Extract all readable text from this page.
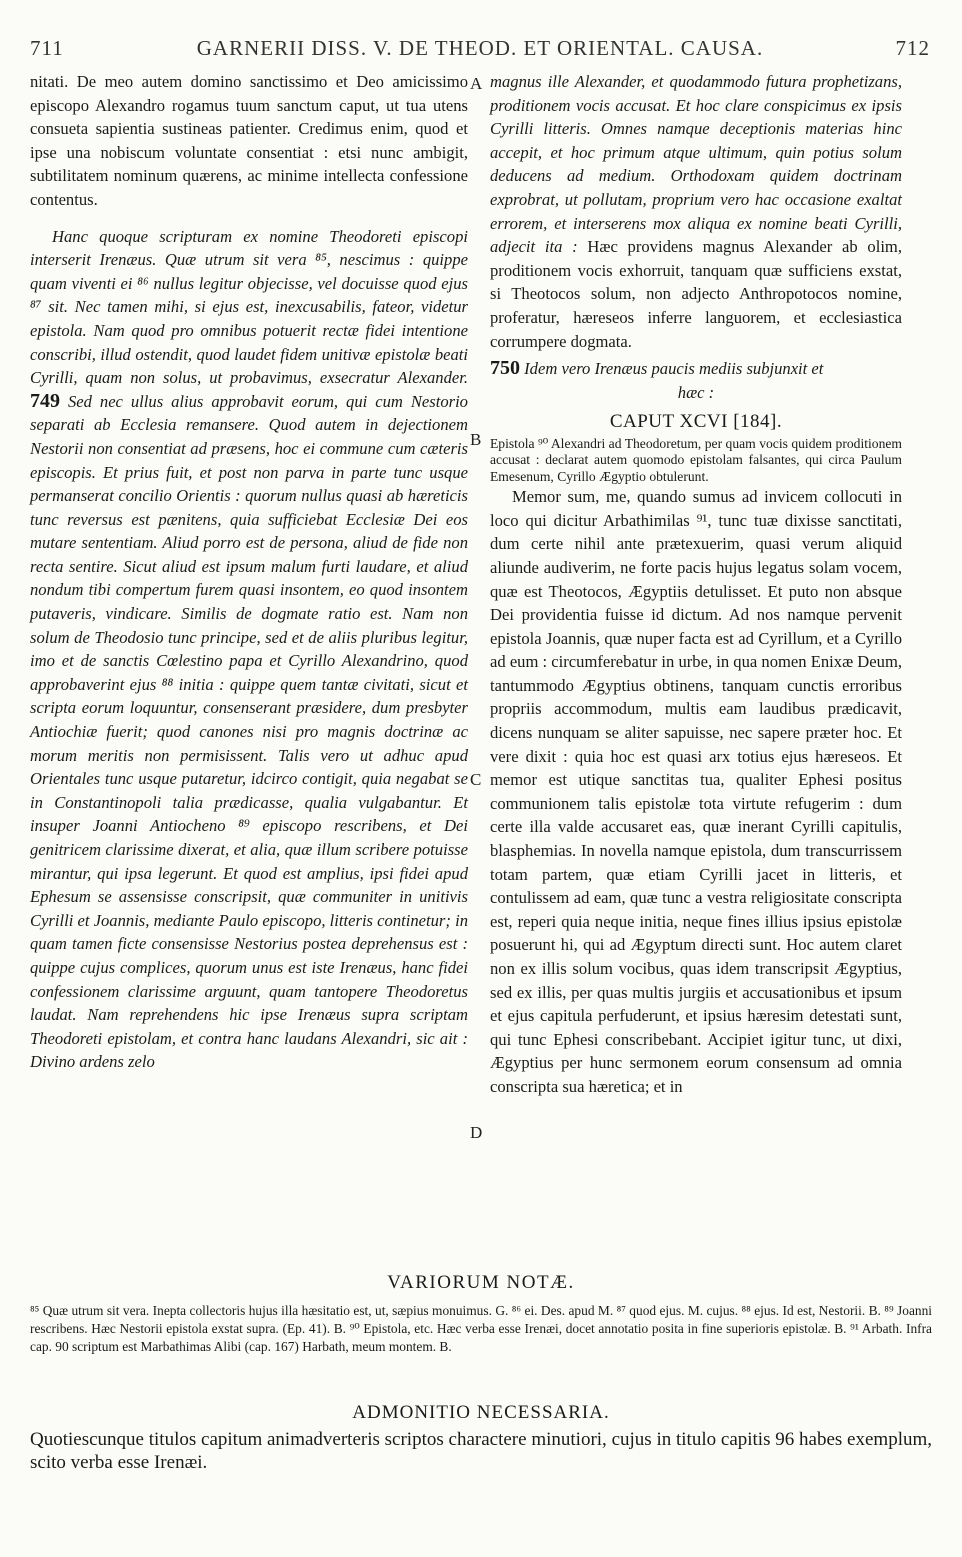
711	GARNERII DISS. V. DE THEOD. ET ORIENTAL. CAUSA.	712
A
B
C
D

nitati. De meo autem domino sanctissimo et Deo amicissimo episcopo Alexandro rogamus tuum sanctum caput, ut tua utens consueta sapientia sustineas patienter. Credimus enim, quod et ipse una nobiscum voluntate consentiat : etsi nunc ambigit, subtilitatem nominum quærens, ac minime intellecta confessione contentus.

Hanc quoque scripturam ex nomine Theodoreti episcopi interserit Irenæus. Quæ utrum sit vera ⁸⁵, nescimus : quippe quam viventi ei ⁸⁶ nullus legitur objecisse, vel docuisse quod ejus ⁸⁷ sit. Nec tamen mihi, si ejus est, inexcusabilis, fateor, videtur epistola. Nam quod pro omnibus potuerit rectæ fidei intentione conscribi, illud ostendit, quod laudet fidem unitivæ epistolæ beati Cyrilli, quam non solus, ut probavimus, exsecratur Alexander. 749 Sed nec ullus alius approbavit eorum, qui cum Nestorio separati ab Ecclesia remansere. Quod autem in dejectionem Nestorii non consentiat ad præsens, hoc ei commune cum cæteris episcopis. Et prius fuit, et post non parva in parte tunc usque permanserat concilio Orientis : quorum nullus quasi ab hæreticis tunc reversus est pænitens, quia sufficiebat Ecclesiæ Dei eos mutare sententiam. Aliud porro est de persona, aliud de fide non recta sentire. Sicut aliud est ipsum malum furti laudare, et aliud nondum tibi compertum furem quasi insontem, eo quod insontem putaveris, vindicare. Similis de dogmate ratio est. Nam non solum de Theodosio tunc principe, sed et de aliis pluribus legitur, imo et de sanctis Cœlestino papa et Cyrillo Alexandrino, quod approbaverint ejus ⁸⁸ initia : quippe quem tantæ civitati, sicut et scripta eorum loquuntur, consenserant præsidere, dum presbyter Antiochiæ fuerit; quod canones nisi pro magnis doctrinæ ac morum meritis non permisissent. Talis vero ut adhuc apud Orientales tunc usque putaretur, idcirco contigit, quia negabat se in Constantinopoli talia prædicasse, qualia vulgabantur. Et insuper Joanni Antiocheno ⁸⁹ episcopo rescribens, et Dei genitricem clarissime dixerat, et alia, quæ illum scribere potuisse mirantur, qui ipsa legerunt. Et quod est amplius, ipsi fidei apud Ephesum se assensisse conscripsit, quæ communiter in unitivis Cyrilli et Joannis, mediante Paulo episcopo, litteris continetur; in quam tamen ficte consensisse Nestorius postea deprehensus est : quippe cujus complices, quorum unus est iste Irenæus, hanc fidei confessionem clarissime arguunt, quam tantopere Theodoretus laudat. Nam reprehendens hic ipse Irenæus supra scriptam Theodoreti epistolam, et contra hanc laudans Alexandri, sic ait : Divino ardens zelo

magnus ille Alexander, et quodammodo futura prophetizans, proditionem vocis accusat. Et hoc clare conspicimus ex ipsis Cyrilli litteris. Omnes namque deceptionis materias hinc accepit, et hoc primum atque ultimum, quin potius solum deducens ad medium. Orthodoxam quidem doctrinam exprobrat, ut pollutam, proprium vero hac occasione exaltat errorem, et interserens mox aliqua ex nomine beati Cyrilli, adjecit ita : Hæc providens magnus Alexander ab olim, proditionem vocis exhorruit, tanquam quæ sufficiens exstat, si Theotocos solum, non adjecto Anthropotocos nomine, proferatur, hæreseos inferre languorem, et ecclesiastica corrumpere dogmata.

750 Idem vero Irenæus paucis mediis subjunxit et

hæc :

CAPUT XCVI [184].

Epistola ⁹⁰ Alexandri ad Theodoretum, per quam vocis quidem proditionem accusat : declarat autem quomodo epistolam falsantes, qui circa Paulum Emesenum, Cyrillo Ægyptio obtulerunt.

Memor sum, me, quando sumus ad invicem collocuti in loco qui dicitur Arbathimilas ⁹¹, tunc tuæ dixisse sanctitati, dum certe nihil ante prætexuerim, quasi verum aliquid aliunde audiverim, ne forte pacis hujus legatus solam vocem, quæ est Theotocos, Ægyptiis detulisset. Et puto non absque Dei providentia fuisse id dictum. Ad nos namque pervenit epistola Joannis, quæ nuper facta est ad Cyrillum, et a Cyrillo ad eum : circumferebatur in urbe, in qua nomen Enixæ Deum, tantummodo Ægyptius obtinens, tanquam cunctis erroribus propriis accommodum, multis eam laudibus prædicavit, dicens nunquam se aliter sapuisse, nec sapere præter hoc. Et vere dixit : quia hoc est quasi arx totius ejus hæreseos. Et memor est utique sanctitas tua, qualiter Ephesi positus communionem talis epistolæ tota virtute refugerim : dum certe illa valde accusaret eas, quæ inerant Cyrilli capitulis, blasphemias. In novella namque epistola, dum transcurrissem totam partem, quæ etiam Cyrilli jacet in litteris, et contulissem ad eam, quæ tunc a vestra religiositate conscripta est, reperi quia neque initia, neque fines illius ipsius epistolæ posuerunt hi, qui ad Ægyptum directi sunt. Hoc autem claret non ex illis solum vocibus, quas idem transcripsit Ægyptius, sed ex illis, per quas multis jurgiis et accusationibus et ipsum et ejus capitula perfuderunt, et ipsius hæresim detestati sunt, qui tunc Ephesi conscribebant. Accipiet igitur tunc, ut dixi, Ægyptius per hunc sermonem eorum consensum ad omnia conscripta sua hæretica; et in

VARIORUM NOTÆ.
⁸⁵ Quæ utrum sit vera. Inepta collectoris hujus illa hæsitatio est, ut, sæpius monuimus. G. ⁸⁶ ei. Des. apud M. ⁸⁷ quod ejus. M. cujus. ⁸⁸ ejus. Id est, Nestorii. B. ⁸⁹ Joanni rescribens. Hæc Nestorii epistola exstat supra. (Ep. 41). B. ⁹⁰ Epistola, etc. Hæc verba esse Irenæi, docet annotatio posita in fine superioris epistolæ. B. ⁹¹ Arbath. Infra cap. 90 scriptum est Marbathimas Alibi (cap. 167) Harbath, meum montem. B.
ADMONITIO NECESSARIA.
Quotiescunque titulos capitum animadverteris scriptos charactere minutiori, cujus in titulo capitis 96 habes exemplum, scito verba esse Irenæi.
